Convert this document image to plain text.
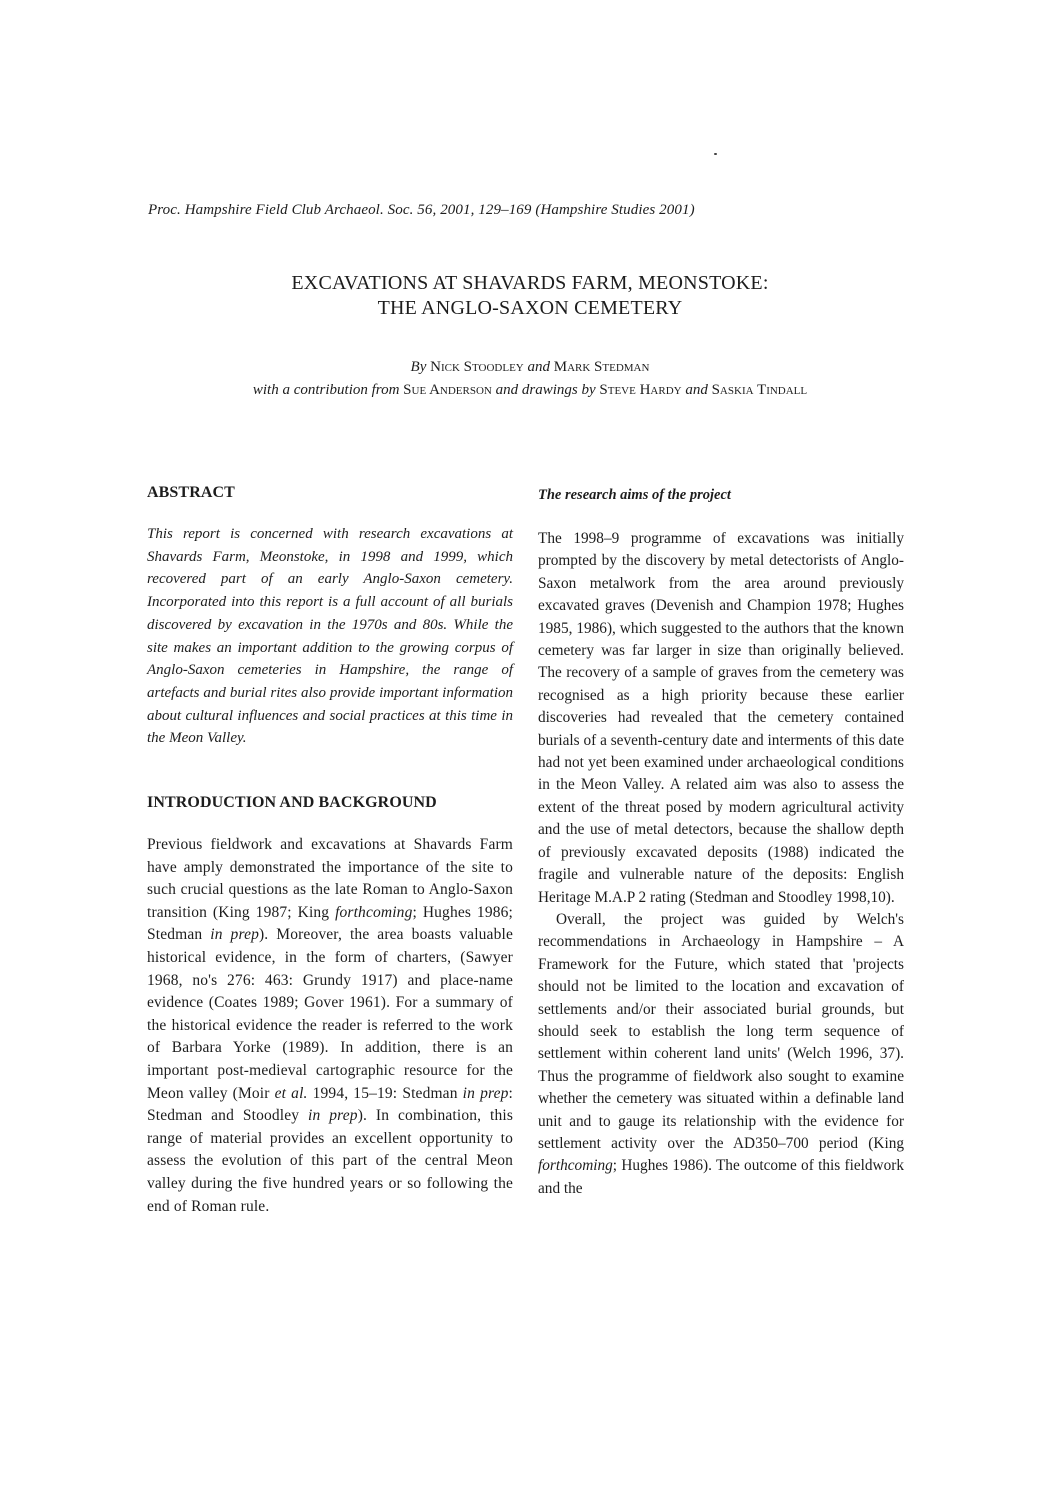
Proc. Hampshire Field Club Archaeol. Soc. 56, 2001, 129–169 (Hampshire Studies 2001)
EXCAVATIONS AT SHAVARDS FARM, MEONSTOKE:
THE ANGLO-SAXON CEMETERY
By Nick Stoodley and Mark Stedman
with a contribution from Sue Anderson and drawings by Steve Hardy and Saskia Tindall
ABSTRACT

This report is concerned with research excavations at Shavards Farm, Meonstoke, in 1998 and 1999, which recovered part of an early Anglo-Saxon cemetery. Incorporated into this report is a full account of all burials discovered by excavation in the 1970s and 80s. While the site makes an important addition to the growing corpus of Anglo-Saxon cemeteries in Hampshire, the range of artefacts and burial rites also provide important information about cultural influences and social practices at this time in the Meon Valley.

INTRODUCTION AND BACKGROUND

Previous fieldwork and excavations at Shavards Farm have amply demonstrated the importance of the site to such crucial questions as the late Roman to Anglo-Saxon transition (King 1987; King forthcoming; Hughes 1986; Stedman in prep). Moreover, the area boasts valuable historical evidence, in the form of charters, (Sawyer 1968, no's 276: 463: Grundy 1917) and place-name evidence (Coates 1989; Gover 1961). For a summary of the historical evidence the reader is referred to the work of Barbara Yorke (1989). In addition, there is an important post-medieval cartographic resource for the Meon valley (Moir et al. 1994, 15–19: Stedman in prep: Stedman and Stoodley in prep). In combination, this range of material provides an excellent opportunity to assess the evolution of this part of the central Meon valley during the five hundred years or so following the end of Roman rule.

The research aims of the project

The 1998–9 programme of excavations was initially prompted by the discovery by metal detectorists of Anglo-Saxon metalwork from the area around previously excavated graves (Devenish and Champion 1978; Hughes 1985, 1986), which suggested to the authors that the known cemetery was far larger in size than originally believed. The recovery of a sample of graves from the cemetery was recognised as a high priority because these earlier discoveries had revealed that the cemetery contained burials of a seventh-century date and interments of this date had not yet been examined under archaeological conditions in the Meon Valley. A related aim was also to assess the extent of the threat posed by modern agricultural activity and the use of metal detectors, because the shallow depth of previously excavated deposits (1988) indicated the fragile and vulnerable nature of the deposits: English Heritage M.A.P 2 rating (Stedman and Stoodley 1998,10).

Overall, the project was guided by Welch's recommendations in Archaeology in Hampshire – A Framework for the Future, which stated that 'projects should not be limited to the location and excavation of settlements and/or their associated burial grounds, but should seek to establish the long term sequence of settlement within coherent land units' (Welch 1996, 37). Thus the programme of fieldwork also sought to examine whether the cemetery was situated within a definable land unit and to gauge its relationship with the evidence for settlement activity over the AD350–700 period (King forthcoming; Hughes 1986). The outcome of this fieldwork and the
